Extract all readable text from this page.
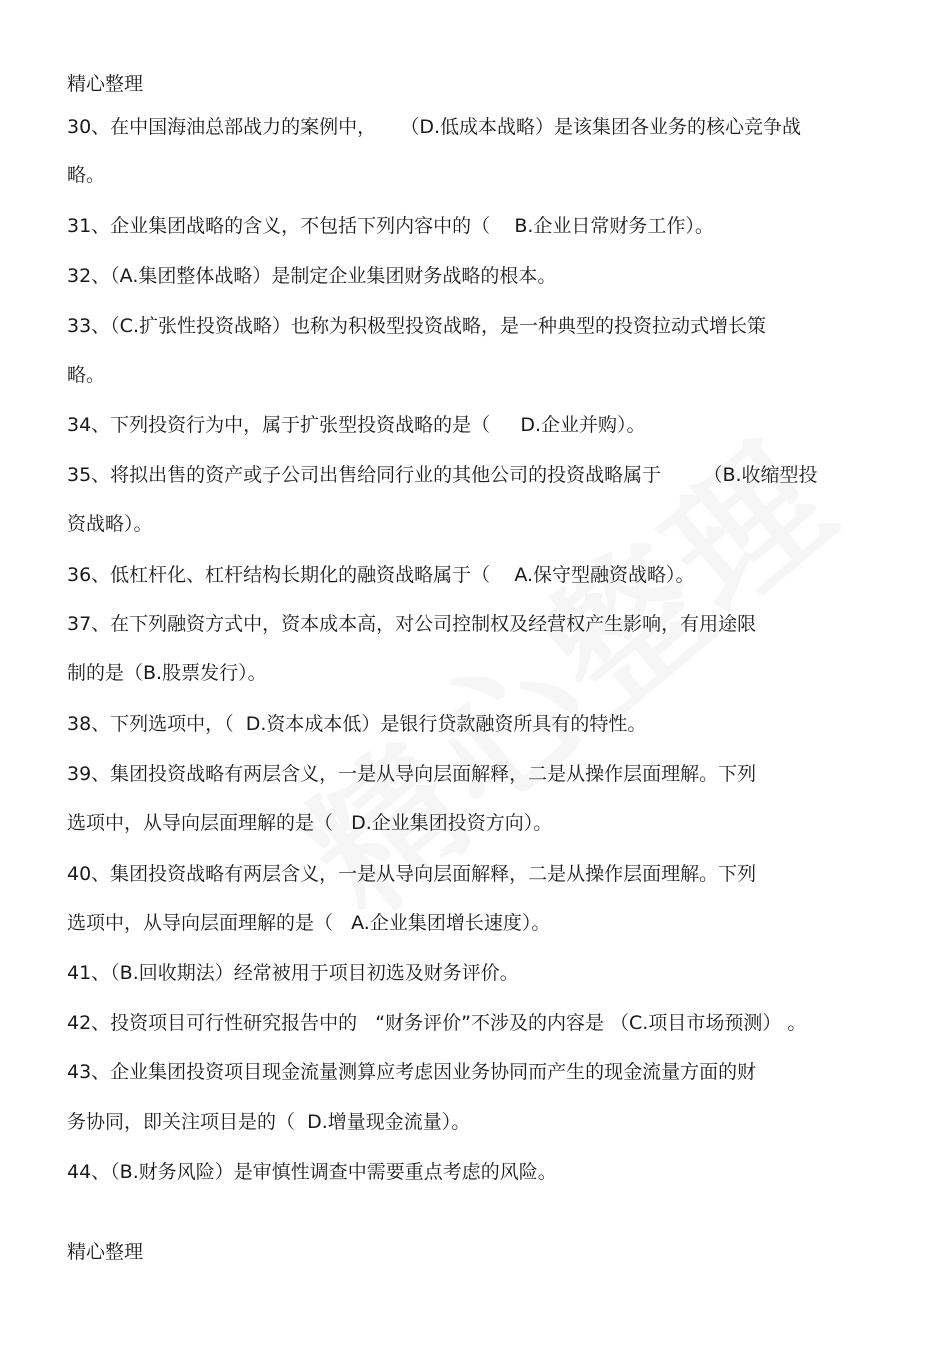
精心整理
30、在中国海油总部战力的案例中，    （D.低成本战略）是该集团各业务的核心竞争战
略。
31、企业集团战略的含义，不包括下列内容中的（    B.企业日常财务工作）。
32、（A.集团整体战略）是制定企业集团财务战略的根本。
33、（C.扩张性投资战略）也称为积极型投资战略，是一种典型的投资拉动式增长策
略。
34、下列投资行为中，属于扩张型投资战略的是（     D.企业并购）。
35、将拟出售的资产或子公司出售给同行业的其他公司的投资战略属于       （B.收缩型投
资战略）。
36、低杠杆化、杠杆结构长期化的融资战略属于（    A.保守型融资战略）。
37、在下列融资方式中，资本成本高，对公司控制权及经营权产生影响，有用途限
制的是（B.股票发行）。
38、下列选项中，（  D.资本成本低）是银行贷款融资所具有的特性。
39、集团投资战略有两层含义，一是从导向层面解释，二是从操作层面理解。下列
选项中，从导向层面理解的是（   D.企业集团投资方向）。
40、集团投资战略有两层含义，一是从导向层面解释，二是从操作层面理解。下列
选项中，从导向层面理解的是（   A.企业集团增长速度）。
41、（B.回收期法）经常被用于项目初选及财务评价。
42、投资项目可行性研究报告中的   “财务评价”不涉及的内容是 （C.项目市场预测） 。
43、企业集团投资项目现金流量测算应考虑因业务协同而产生的现金流量方面的财
务协同，即关注项目是的（  D.增量现金流量）。
44、（B.财务风险）是审慎性调查中需要重点考虑的风险。
精心整理
